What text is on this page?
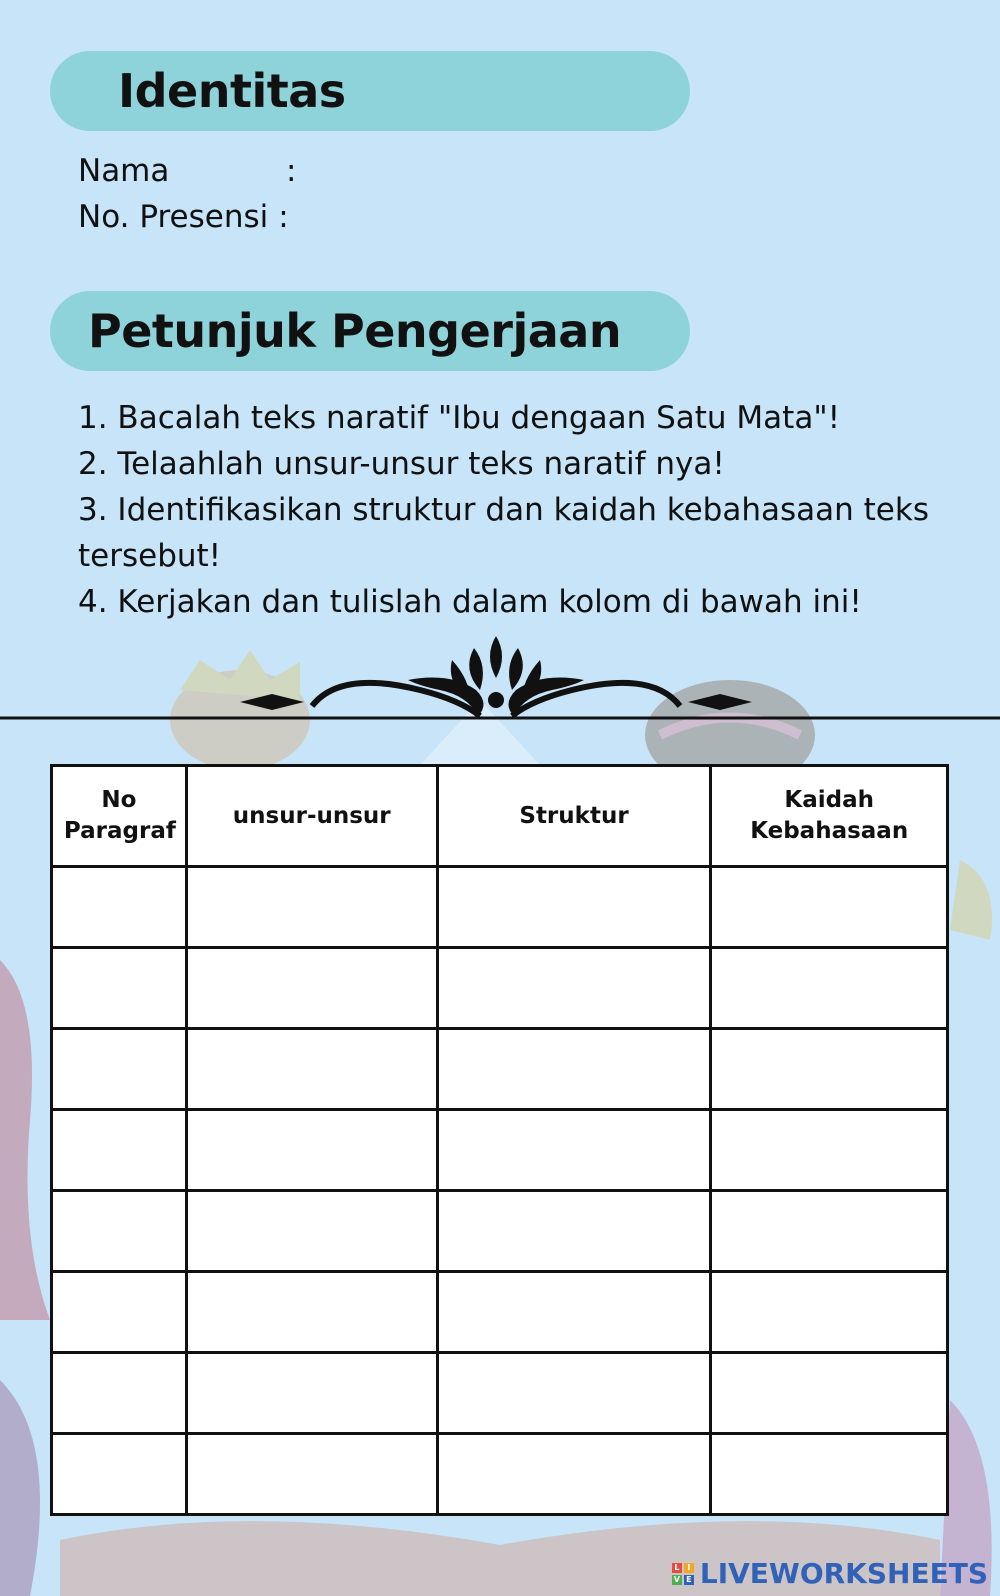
Identitas
Nama	:
No. Presensi :
Petunjuk Pengerjaan
1. Bacalah teks naratif "Ibu dengaan Satu Mata"!
2. Telaahlah unsur-unsur teks naratif nya!
3. Identifikasikan struktur dan kaidah kebahasaan teks tersebut!
4. Kerjakan dan tulislah dalam kolom di bawah ini!
No Paragraf	unsur-unsur	Struktur	Kaidah Kebahasaan

L I
V E LIVEWORKSHEETS
